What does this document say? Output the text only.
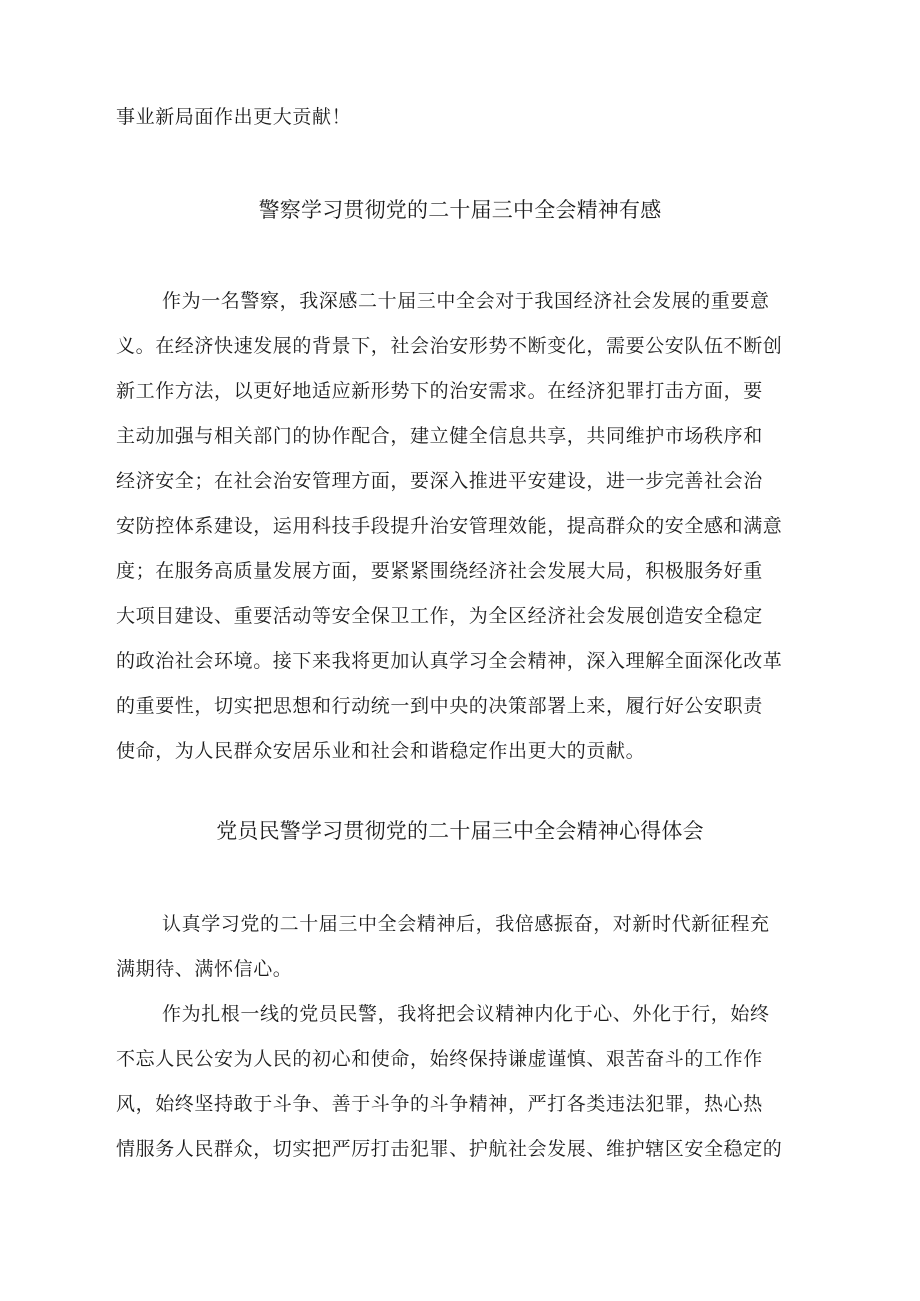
事业新局面作出更大贡献！
警察学习贯彻党的二十届三中全会精神有感
作为一名警察，我深感二十届三中全会对于我国经济社会发展的重要意
义。在经济快速发展的背景下，社会治安形势不断变化，需要公安队伍不断创
新工作方法，以更好地适应新形势下的治安需求。在经济犯罪打击方面，要
主动加强与相关部门的协作配合，建立健全信息共享，共同维护市场秩序和
经济安全；在社会治安管理方面，要深入推进平安建设，进一步完善社会治
安防控体系建设，运用科技手段提升治安管理效能，提高群众的安全感和满意
度；在服务高质量发展方面，要紧紧围绕经济社会发展大局，积极服务好重
大项目建设、重要活动等安全保卫工作，为全区经济社会发展创造安全稳定
的政治社会环境。接下来我将更加认真学习全会精神，深入理解全面深化改革
的重要性，切实把思想和行动统一到中央的决策部署上来，履行好公安职责
使命，为人民群众安居乐业和社会和谐稳定作出更大的贡献。
党员民警学习贯彻党的二十届三中全会精神心得体会
认真学习党的二十届三中全会精神后，我倍感振奋，对新时代新征程充
满期待、满怀信心。
作为扎根一线的党员民警，我将把会议精神内化于心、外化于行，始终
不忘人民公安为人民的初心和使命，始终保持谦虚谨慎、艰苦奋斗的工作作
风，始终坚持敢于斗争、善于斗争的斗争精神，严打各类违法犯罪，热心热
情服务人民群众，切实把严厉打击犯罪、护航社会发展、维护辖区安全稳定的
